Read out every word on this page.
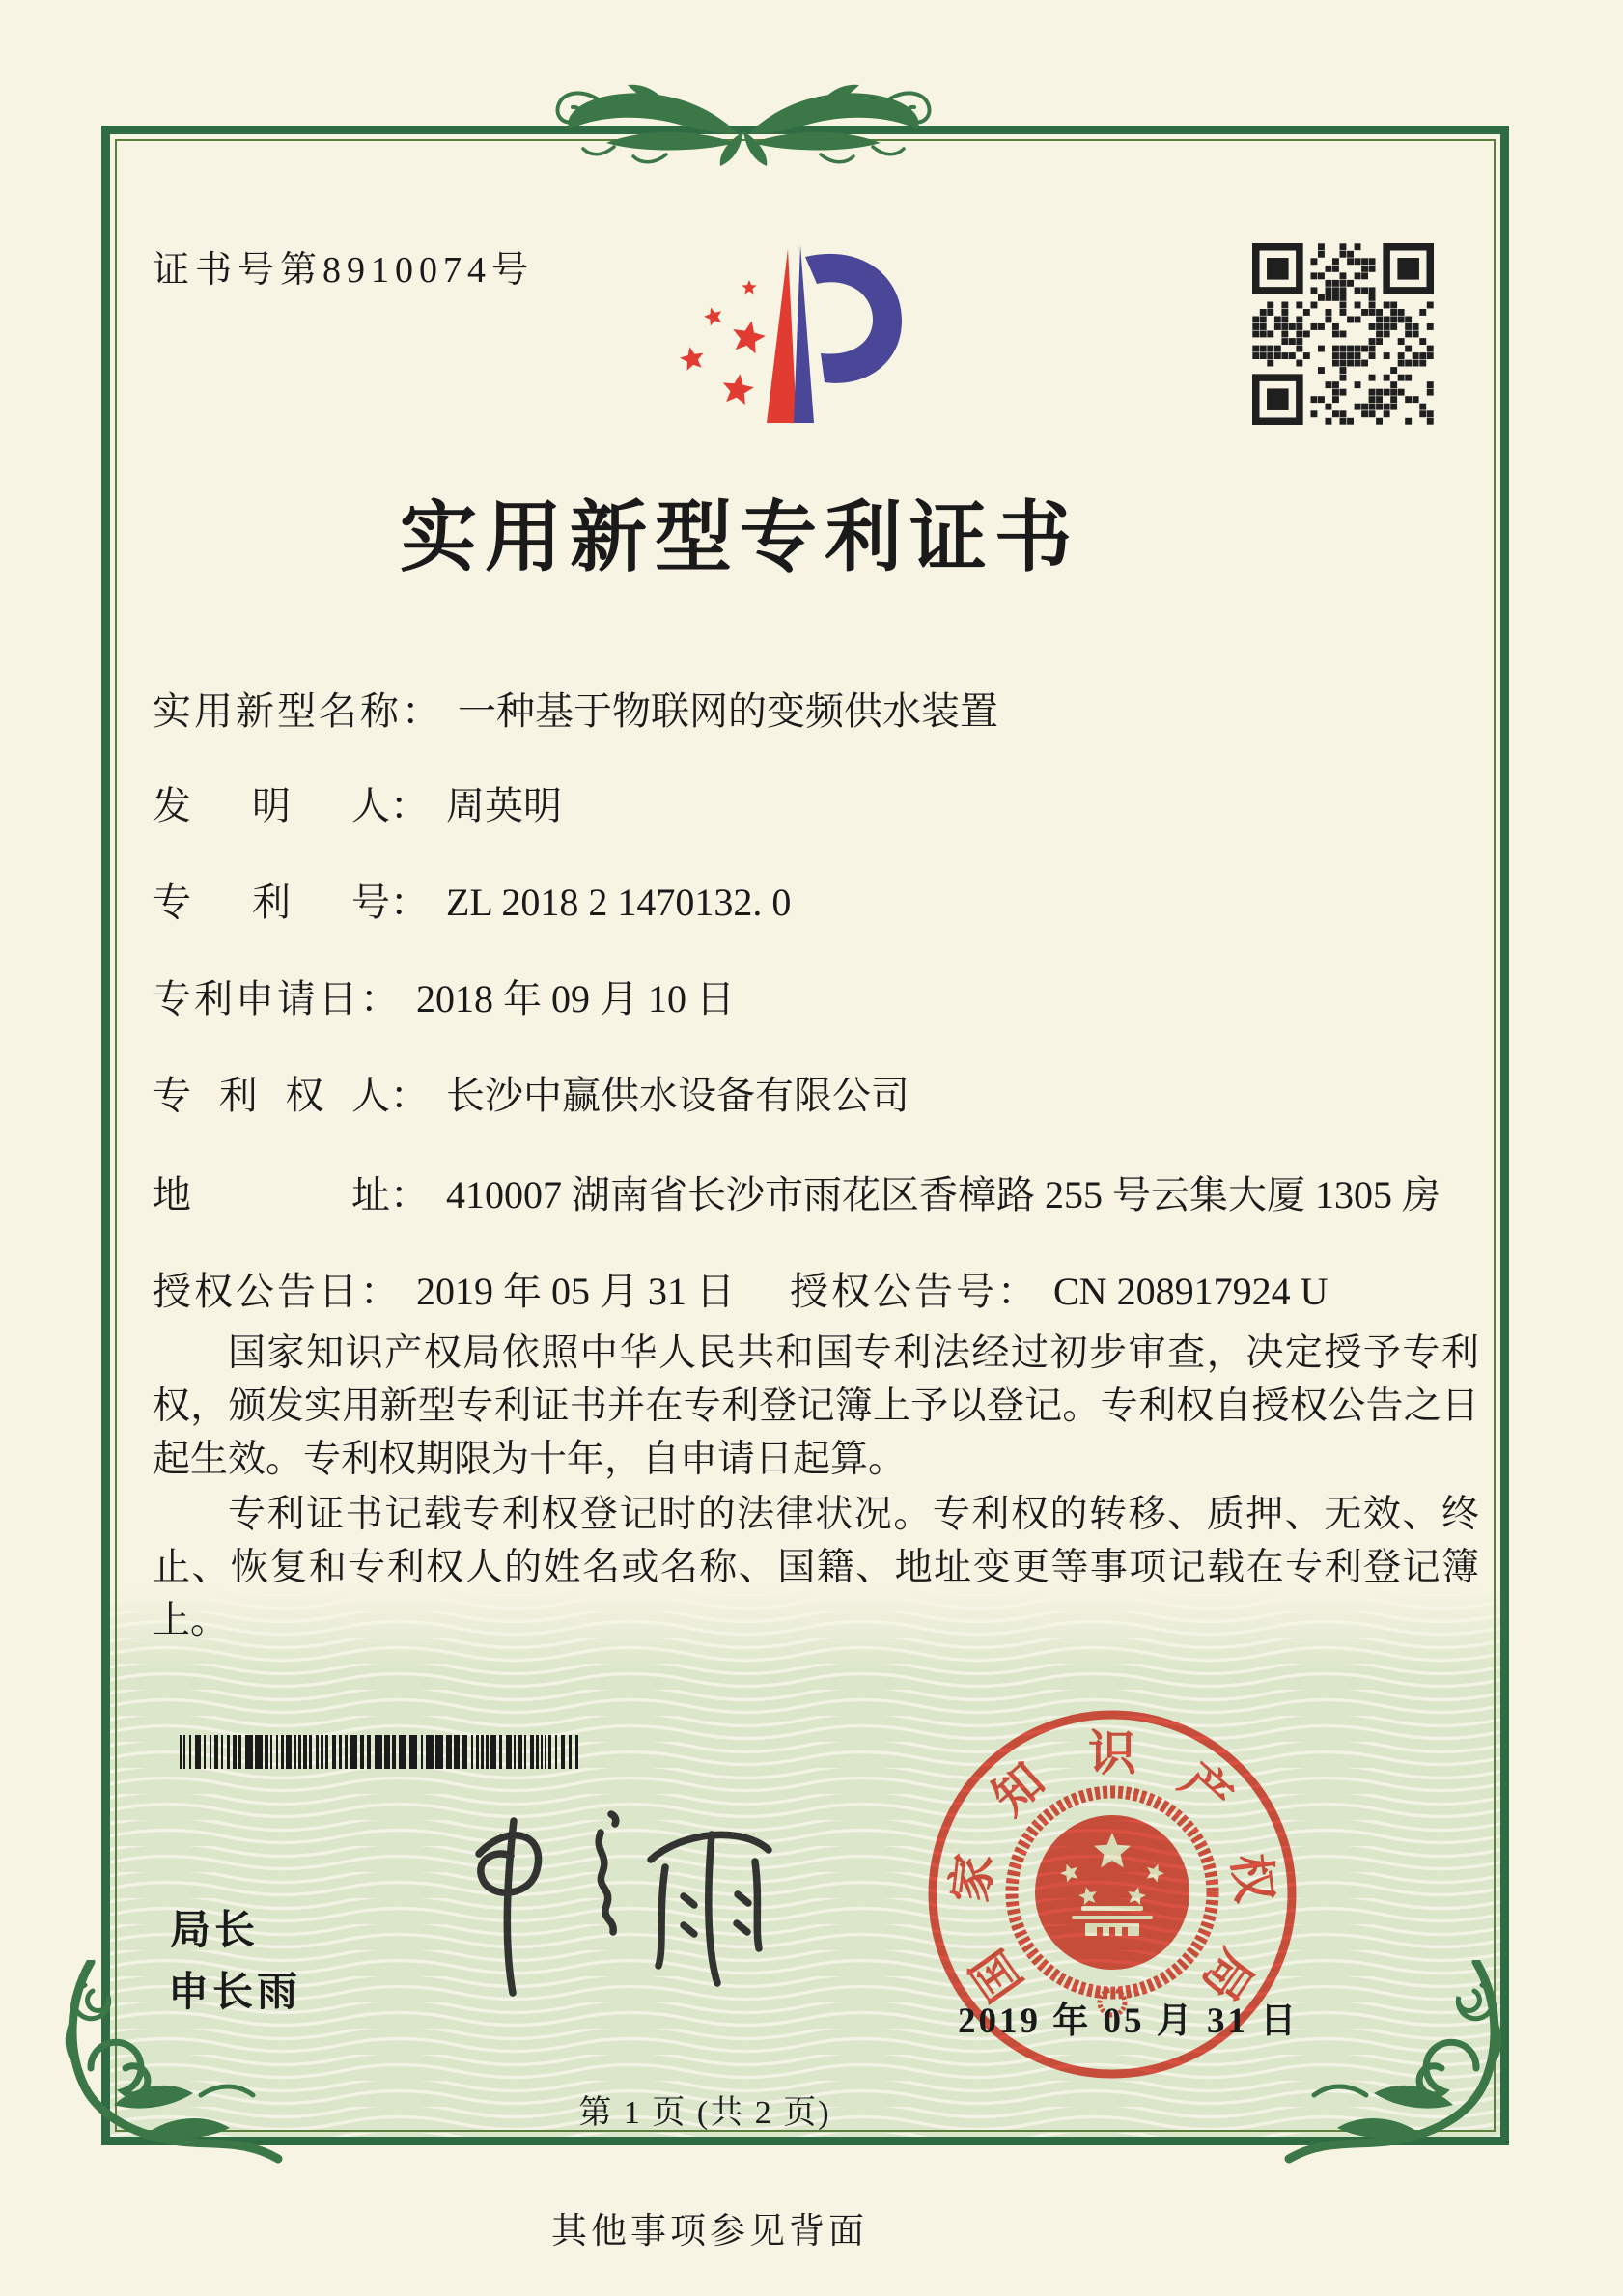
证书号第8910074号
实用新型专利证书
实用新型名称： 一种基于物联网的变频供水装置
发明人： 周英明
专利号： ZL 2018 2 1470132. 0
专利申请日： 2018 年 09 月 10 日
专利权人： 长沙中赢供水设备有限公司
地址： 410007 湖南省长沙市雨花区香樟路 255 号云集大厦 1305 房
授权公告日： 2019 年 05 月 31 日 授权公告号： CN 208917924 U

国家知识产权局依照中华人民共和国专利法经过初步审查，决定授予专利权，颁发实用新型专利证书并在专利登记簿上予以登记。专利权自授权公告之日起生效。专利权期限为十年，自申请日起算。

专利证书记载专利权登记时的法律状况。专利权的转移、质押、无效、终止、恢复和专利权人的姓名或名称、国籍、地址变更等事项记载在专利登记簿上。

局长
申长雨	国
家
知 识 产
权
局
2019 年 05 月 31 日
第 1 页 (共 2 页)
其他事项参见背面
